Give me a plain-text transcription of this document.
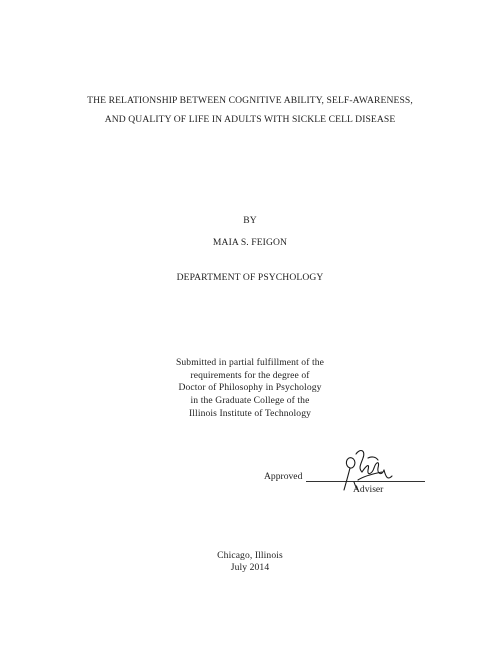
THE RELATIONSHIP BETWEEN COGNITIVE ABILITY, SELF-AWARENESS,
AND QUALITY OF LIFE IN ADULTS WITH SICKLE CELL DISEASE
BY
MAIA S. FEIGON
DEPARTMENT OF PSYCHOLOGY
Submitted in partial fulfillment of the
requirements for the degree of
Doctor of Philosophy in Psychology
in the Graduate College of the
Illinois Institute of Technology
Approved
Adviser
Chicago, Illinois
July 2014
